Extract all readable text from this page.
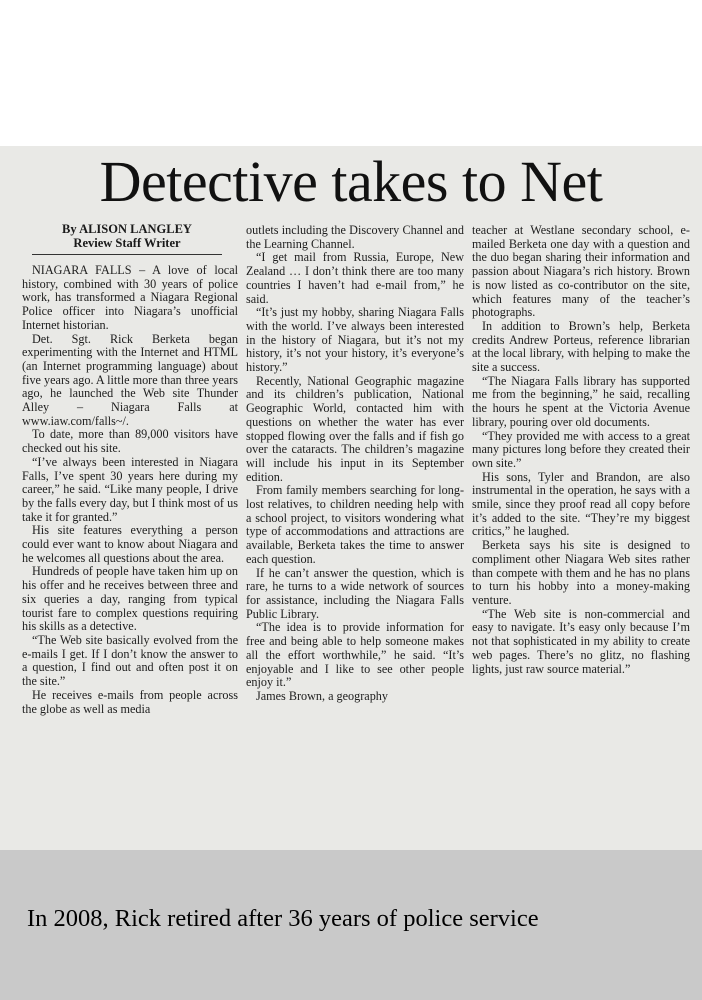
Detective takes to Net
By ALISON LANGLEY
Review Staff Writer

NIAGARA FALLS – A love of local history, combined with 30 years of police work, has transformed a Niagara Regional Police officer into Niagara’s unofficial Internet historian.

Det. Sgt. Rick Berketa began experimenting with the Internet and HTML (an Internet programming language) about five years ago. A little more than three years ago, he launched the Web site Thunder Alley – Niagara Falls at www.iaw.com/falls~/.

To date, more than 89,000 visitors have checked out his site.

“I’ve always been interested in Niagara Falls, I’ve spent 30 years here during my career,” he said. “Like many people, I drive by the falls every day, but I think most of us take it for granted.”

His site features everything a person could ever want to know about Niagara and he welcomes all questions about the area.

Hundreds of people have taken him up on his offer and he receives between three and six queries a day, ranging from typical tourist fare to complex questions requiring his skills as a detective.

“The Web site basically evolved from the e-mails I get. If I don’t know the answer to a question, I find out and often post it on the site.”

He receives e-mails from people across the globe as well as media

outlets including the Discovery Channel and the Learning Channel.

“I get mail from Russia, Europe, New Zealand … I don’t think there are too many countries I haven’t had e-mail from,” he said.

“It’s just my hobby, sharing Niagara Falls with the world. I’ve always been interested in the history of Niagara, but it’s not my history, it’s not your history, it’s everyone’s history.”

Recently, National Geographic magazine and its children’s publication, National Geographic World, contacted him with questions on whether the water has ever stopped flowing over the falls and if fish go over the cataracts. The children’s magazine will include his input in its September edition.

From family members searching for long-lost relatives, to children needing help with a school project, to visitors wondering what type of accommodations and attractions are available, Berketa takes the time to answer each question.

If he can’t answer the question, which is rare, he turns to a wide network of sources for assistance, including the Niagara Falls Public Library.

“The idea is to provide information for free and being able to help someone makes all the effort worthwhile,” he said. “It’s enjoyable and I like to see other people enjoy it.”

James Brown, a geography

teacher at Westlane secondary school, e-mailed Berketa one day with a question and the duo began sharing their information and passion about Niagara’s rich history. Brown is now listed as co-contributor on the site, which features many of the teacher’s photographs.

In addition to Brown’s help, Berketa credits Andrew Porteus, reference librarian at the local library, with helping to make the site a success.

“The Niagara Falls library has supported me from the beginning,” he said, recalling the hours he spent at the Victoria Avenue library, pouring over old documents.

“They provided me with access to a great many pictures long before they created their own site.”

His sons, Tyler and Brandon, are also instrumental in the operation, he says with a smile, since they proof read all copy before it’s added to the site. “They’re my biggest critics,” he laughed.

Berketa says his site is designed to compliment other Niagara Web sites rather than compete with them and he has no plans to turn his hobby into a money-making venture.

“The Web site is non-commercial and easy to navigate. It’s easy only because I’m not that sophisticated in my ability to create web pages. There’s no glitz, no flashing lights, just raw source material.”

In 2008, Rick retired after 36 years of police service
